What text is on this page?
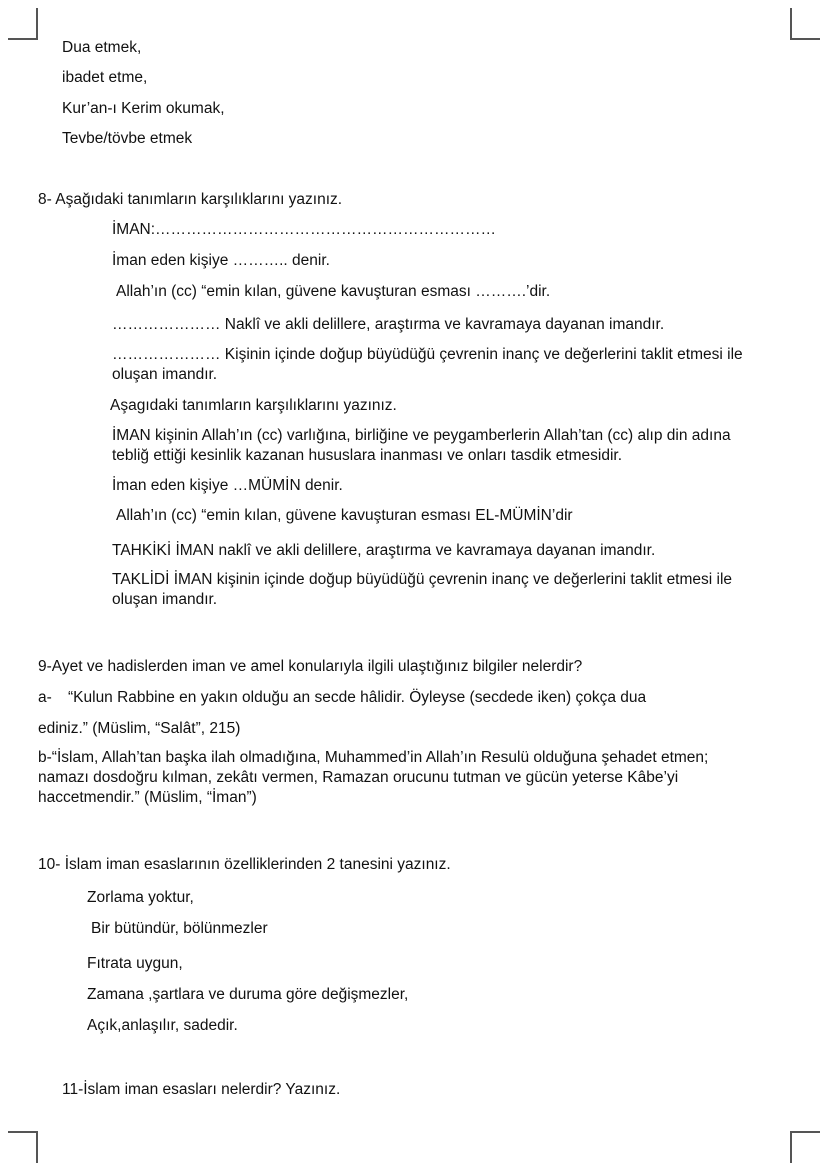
Dua etmek,
ibadet etme,
Kur’an-ı Kerim okumak,
Tevbe/tövbe etmek
8- Aşağıdaki tanımların karşılıklarını yazınız.
İMAN:…………………………………………………………
İman eden kişiye ……….. denir.
Allah’ın (cc) “emin kılan, güvene kavuşturan esması ……….’dir.
………………… Naklî ve akli delillere, araştırma ve kavramaya dayanan imandır.
………………… Kişinin içinde doğup büyüdüğü çevrenin inanç ve değerlerini taklit etmesi ile
oluşan imandır.
Aşagıdaki tanımların karşılıklarını yazınız.
İMAN kişinin Allah’ın (cc) varlığına, birliğine ve peygamberlerin Allah’tan (cc) alıp din adına
tebliğ ettiği kesinlik kazanan hususlara inanması ve onları tasdik etmesidir.
İman eden kişiye …MÜMİN denir.
Allah’ın (cc) “emin kılan, güvene kavuşturan esması EL-MÜMİN’dir
TAHKİKİ İMAN naklî ve akli delillere, araştırma ve kavramaya dayanan imandır.
TAKLİDİ İMAN kişinin içinde doğup büyüdüğü çevrenin inanç ve değerlerini taklit etmesi ile
oluşan imandır.
9-Ayet ve hadislerden iman ve amel konularıyla ilgili ulaştığınız bilgiler nelerdir?
a- “Kulun Rabbine en yakın olduğu an secde hâlidir. Öyleyse (secdede iken) çokça dua
ediniz.” (Müslim, “Salât”, 215)
b-“İslam, Allah’tan başka ilah olmadığına, Muhammed’in Allah’ın Resulü olduğuna şehadet etmen;
namazı dosdoğru kılman, zekâtı vermen, Ramazan orucunu tutman ve gücün yeterse Kâbe’yi
haccetmendir.” (Müslim, “İman”)
10- İslam iman esaslarının özelliklerinden 2 tanesini yazınız.
Zorlama yoktur,
Bir bütündür, bölünmezler
Fıtrata uygun,
Zamana ,şartlara ve duruma göre değişmezler,
Açık,anlaşılır, sadedir.
11-İslam iman esasları nelerdir? Yazınız.
